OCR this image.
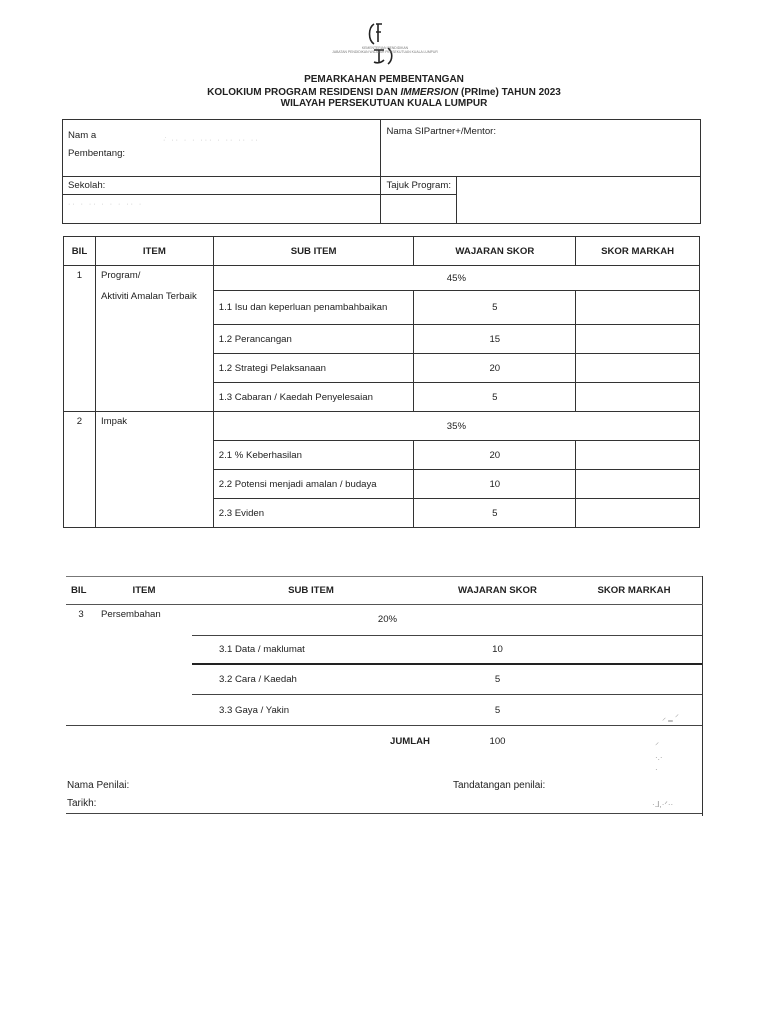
KEMENTERIAN PENDIDIKAN
JABATAN PENDIDIKAN WILAYAH PERSEKUTUAN KUALA LUMPUR
PEMARKAHAN PEMBENTANGAN
KOLOKIUM PROGRAM RESIDENSI DAN IMMERSION (PRIme) TAHUN 2023
WILAYAH PERSEKUTUAN KUALA LUMPUR
Nam a
Pembentang:
·̇ ·· · · ··· · ·· ·· ··	Nama SIPartner+/Mentor:	
Sekolah:	Tajuk Program:	
·· · ·· · · · ·· ·		
BIL	ITEM	SUB ITEM	WAJARAN SKOR	SKOR MARKAH
1	Program/
Aktiviti Amalan Terbaik	45%		
		1.1 Isu dan keperluan penambahbaikan	5	
		1.2 Perancangan	15	
		1.2 Strategi Pelaksanaan	20	
		1.3 Cabaran / Kaedah Penyelesaian	5	
2	Impak	35%		
		2.1 % Keberhasilan	20	
		2.2 Potensi menjadi amalan / budaya	10	
		2.3 Eviden	5	
BIL	ITEM	SUB ITEM	WAJARAN SKOR	SKOR MARKAH
3	Persembahan	20%		
		3.1 Data / maklumat	10	
		3.2 Cara / Kaedah	5	
		3.3 Gaya / Yakin	5	
		JUMLAH	100	
⸝ ‗ ⸍
⸍
·.·
·
Nama Penilai:
Tarikh:
Tandatangan penilai:
·ᒧ,·ᐟ··
